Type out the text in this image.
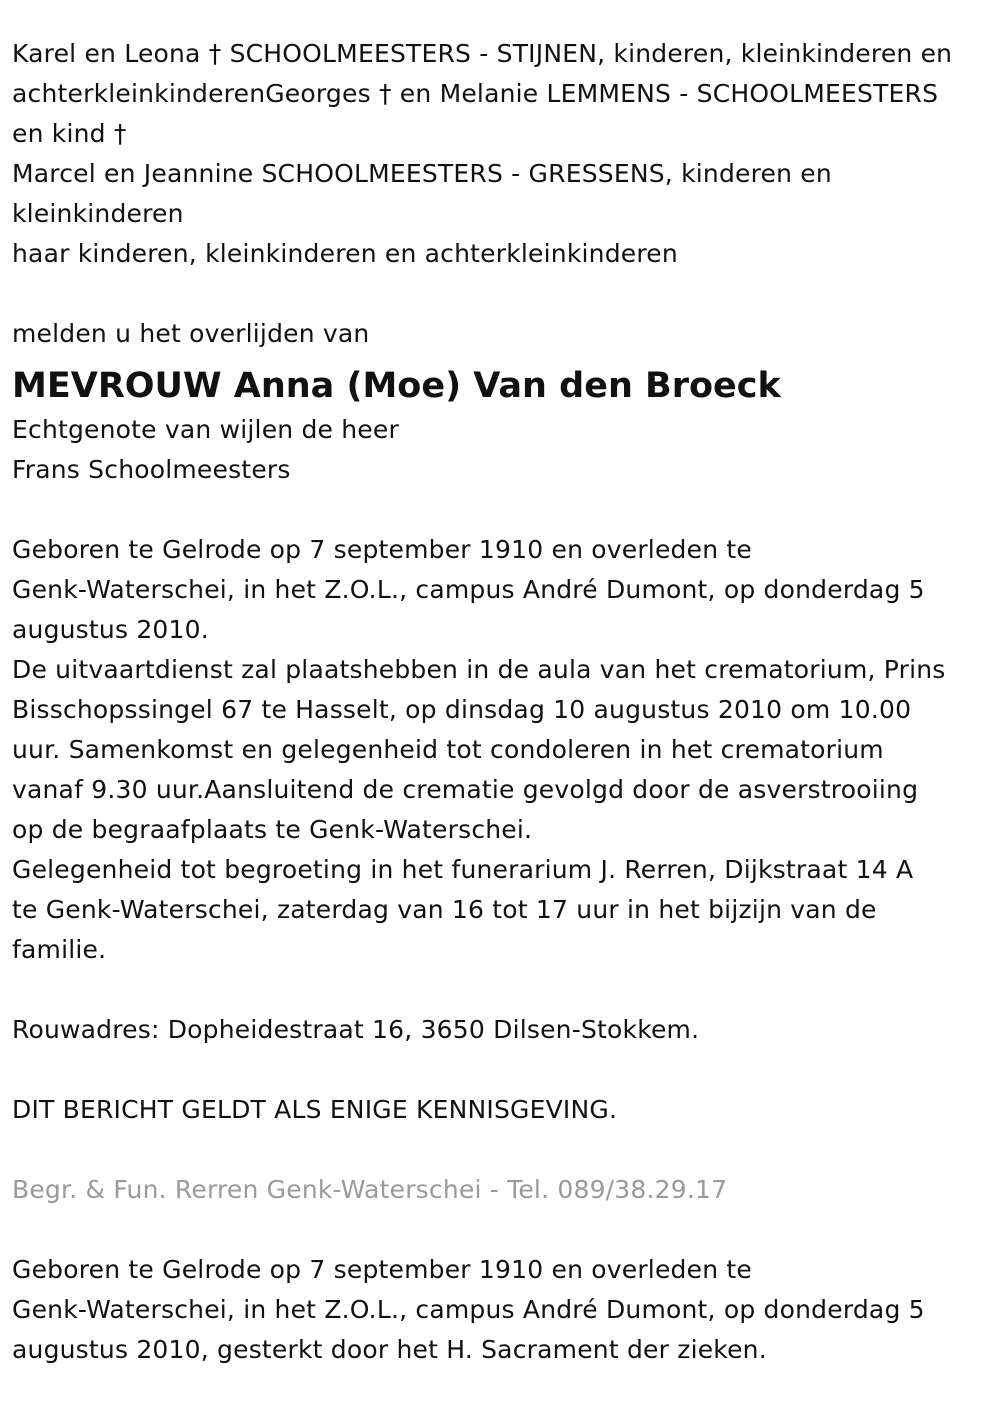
Karel en Leona † SCHOOLMEESTERS - STIJNEN, kinderen, kleinkinderen en
achterkleinkinderenGeorges † en Melanie LEMMENS - SCHOOLMEESTERS
en kind †
Marcel en Jeannine SCHOOLMEESTERS - GRESSENS, kinderen en
kleinkinderen
haar kinderen, kleinkinderen en achterkleinkinderen
melden u het overlijden van
MEVROUW Anna (Moe) Van den Broeck
Echtgenote van wijlen de heer
Frans Schoolmeesters
Geboren te Gelrode op 7 september 1910 en overleden te
Genk-Waterschei, in het Z.O.L., campus André Dumont, op donderdag 5
augustus 2010.
De uitvaartdienst zal plaatshebben in de aula van het crematorium, Prins
Bisschopssingel 67 te Hasselt, op dinsdag 10 augustus 2010 om 10.00
uur. Samenkomst en gelegenheid tot condoleren in het crematorium
vanaf 9.30 uur.Aansluitend de crematie gevolgd door de asverstrooiing
op de begraafplaats te Genk-Waterschei.
Gelegenheid tot begroeting in het funerarium J. Rerren, Dijkstraat 14 A
te Genk-Waterschei, zaterdag van 16 tot 17 uur in het bijzijn van de
familie.
Rouwadres: Dopheidestraat 16, 3650 Dilsen-Stokkem.
DIT BERICHT GELDT ALS ENIGE KENNISGEVING.
Begr. & Fun. Rerren Genk-Waterschei - Tel. 089/38.29.17
Geboren te Gelrode op 7 september 1910 en overleden te
Genk-Waterschei, in het Z.O.L., campus André Dumont, op donderdag 5
augustus 2010, gesterkt door het H. Sacrament der zieken.
